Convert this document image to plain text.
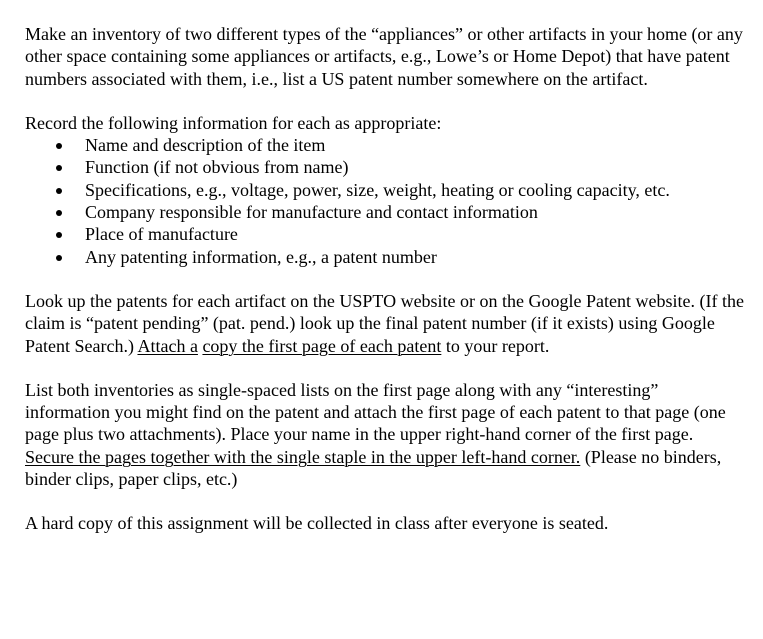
Make an inventory of two different types of the “appliances” or other artifacts in your home (or any other space containing some appliances or artifacts, e.g., Lowe’s or Home Depot) that have patent numbers associated with them, i.e., list a US patent number somewhere on the artifact.

Record the following information for each as appropriate:

Name and description of the item
Function (if not obvious from name)
Specifications, e.g., voltage, power, size, weight, heating or cooling capacity, etc.
Company responsible for manufacture and contact information
Place of manufacture
Any patenting information, e.g., a patent number

Look up the patents for each artifact on the USPTO website or on the Google Patent website. (If the claim is “patent pending” (pat. pend.) look up the final patent number (if it exists) using Google Patent Search.) Attach a copy the first page of each patent to your report.

List both inventories as single-spaced lists on the first page along with any “interesting” information you might find on the patent and attach the first page of each patent to that page (one page plus two attachments). Place your name in the upper right-hand corner of the first page. Secure the pages together with the single staple in the upper left-hand corner. (Please no binders, binder clips, paper clips, etc.)

A hard copy of this assignment will be collected in class after everyone is seated.
